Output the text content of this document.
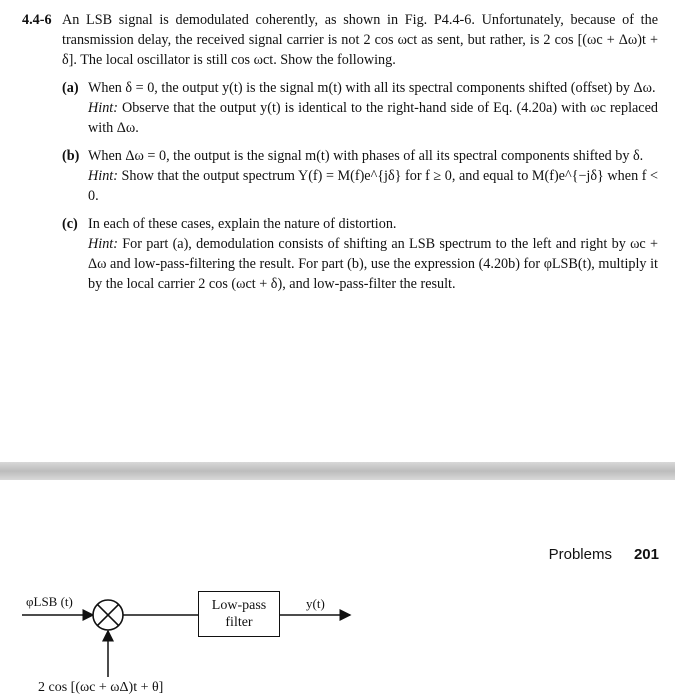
4.4-6 An LSB signal is demodulated coherently, as shown in Fig. P4.4-6. Unfortunately, because of the transmission delay, the received signal carrier is not 2 cos ωct as sent, but rather, is 2 cos [(ωc + Δω)t + δ]. The local oscillator is still cos ωct. Show the following.
(a) When δ = 0, the output y(t) is the signal m(t) with all its spectral components shifted (offset) by Δω.

Hint: Observe that the output y(t) is identical to the right-hand side of Eq. (4.20a) with ωc replaced with Δω.

(b) When Δω = 0, the output is the signal m(t) with phases of all its spectral components shifted by δ.

Hint: Show that the output spectrum Y(f) = M(f)e^{jδ} for f ≥ 0, and equal to M(f)e^{−jδ} when f < 0.

(c) In each of these cases, explain the nature of distortion.

Hint: For part (a), demodulation consists of shifting an LSB spectrum to the left and right by ωc + Δω and low-pass-filtering the result. For part (b), use the expression (4.20b) for φLSB(t), multiply it by the local carrier 2 cos (ωct + δ), and low-pass-filter the result.

Problems 201
φLSB (t)	Low-pass filter
y(t)
2 cos [(ωc + ωΔ)t + θ]
